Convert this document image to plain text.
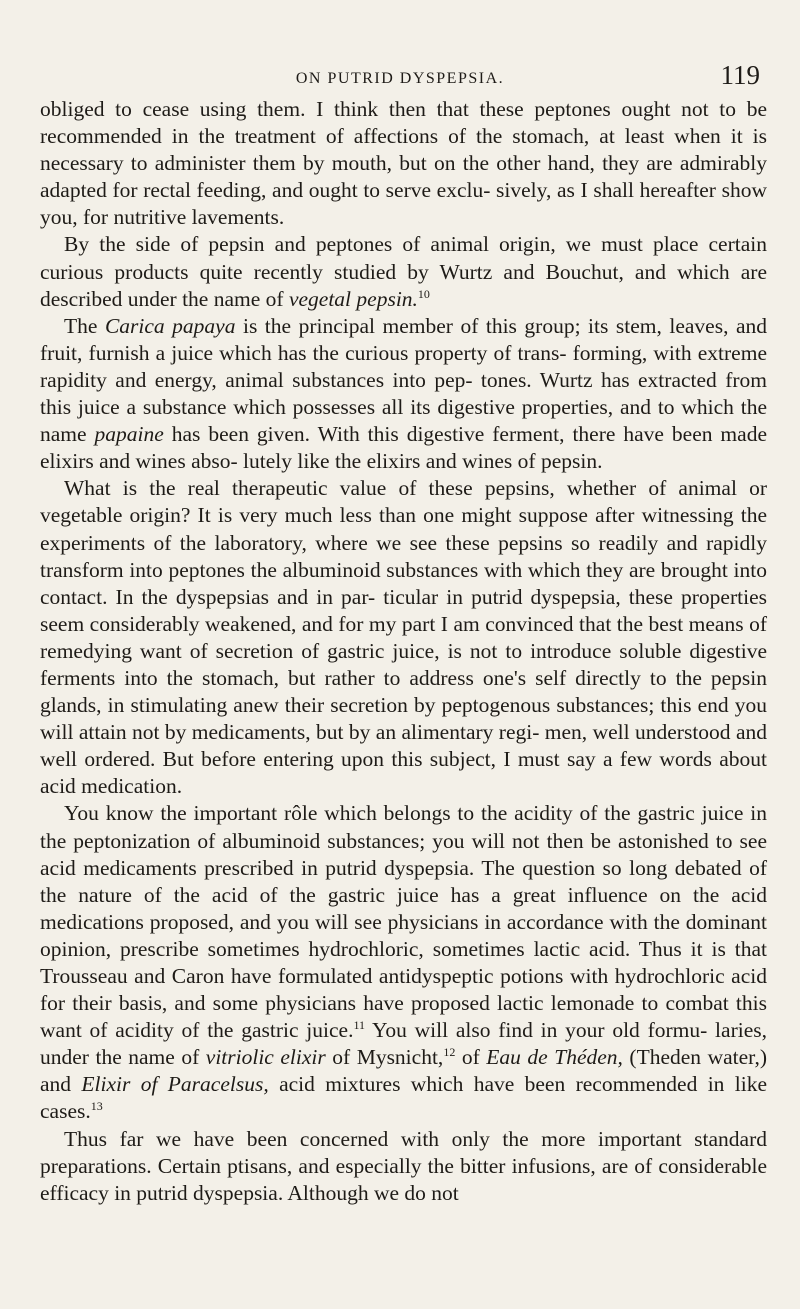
ON PUTRID DYSPEPSIA.	119

obliged to cease using them. I think then that these peptones ought not to be recommended in the treatment of affections of the stomach, at least when it is necessary to administer them by mouth, but on the other hand, they are admirably adapted for rectal feeding, and ought to serve exclu- sively, as I shall hereafter show you, for nutritive lavements.

By the side of pepsin and peptones of animal origin, we must place certain curious products quite recently studied by Wurtz and Bouchut, and which are described under the name of vegetal pepsin.$^{10}$

The Carica papaya is the principal member of this group; its stem, leaves, and fruit, furnish a juice which has the curious property of trans- forming, with extreme rapidity and energy, animal substances into pep- tones. Wurtz has extracted from this juice a substance which possesses all its digestive properties, and to which the name papaine has been given. With this digestive ferment, there have been made elixirs and wines abso- lutely like the elixirs and wines of pepsin.

What is the real therapeutic value of these pepsins, whether of animal or vegetable origin? It is very much less than one might suppose after witnessing the experiments of the laboratory, where we see these pepsins so readily and rapidly transform into peptones the albuminoid substances with which they are brought into contact. In the dyspepsias and in par- ticular in putrid dyspepsia, these properties seem considerably weakened, and for my part I am convinced that the best means of remedying want of secretion of gastric juice, is not to introduce soluble digestive ferments into the stomach, but rather to address one's self directly to the pepsin glands, in stimulating anew their secretion by peptogenous substances; this end you will attain not by medicaments, but by an alimentary regi- men, well understood and well ordered. But before entering upon this subject, I must say a few words about acid medication.

You know the important rôle which belongs to the acidity of the gastric juice in the peptonization of albuminoid substances; you will not then be astonished to see acid medicaments prescribed in putrid dyspepsia. The question so long debated of the nature of the acid of the gastric juice has a great influence on the acid medications proposed, and you will see physicians in accordance with the dominant opinion, prescribe sometimes hydrochloric, sometimes lactic acid. Thus it is that Trousseau and Caron have formulated antidyspeptic potions with hydrochloric acid for their basis, and some physicians have proposed lactic lemonade to combat this want of acidity of the gastric juice.$^{11}$ You will also find in your old formu- laries, under the name of vitriolic elixir of Mysnicht,$^{12}$ of Eau de Théden, (Theden water,) and Elixir of Paracelsus, acid mixtures which have been recommended in like cases.$^{13}$

Thus far we have been concerned with only the more important standard preparations. Certain ptisans, and especially the bitter infusions, are of considerable efficacy in putrid dyspepsia. Although we do not
